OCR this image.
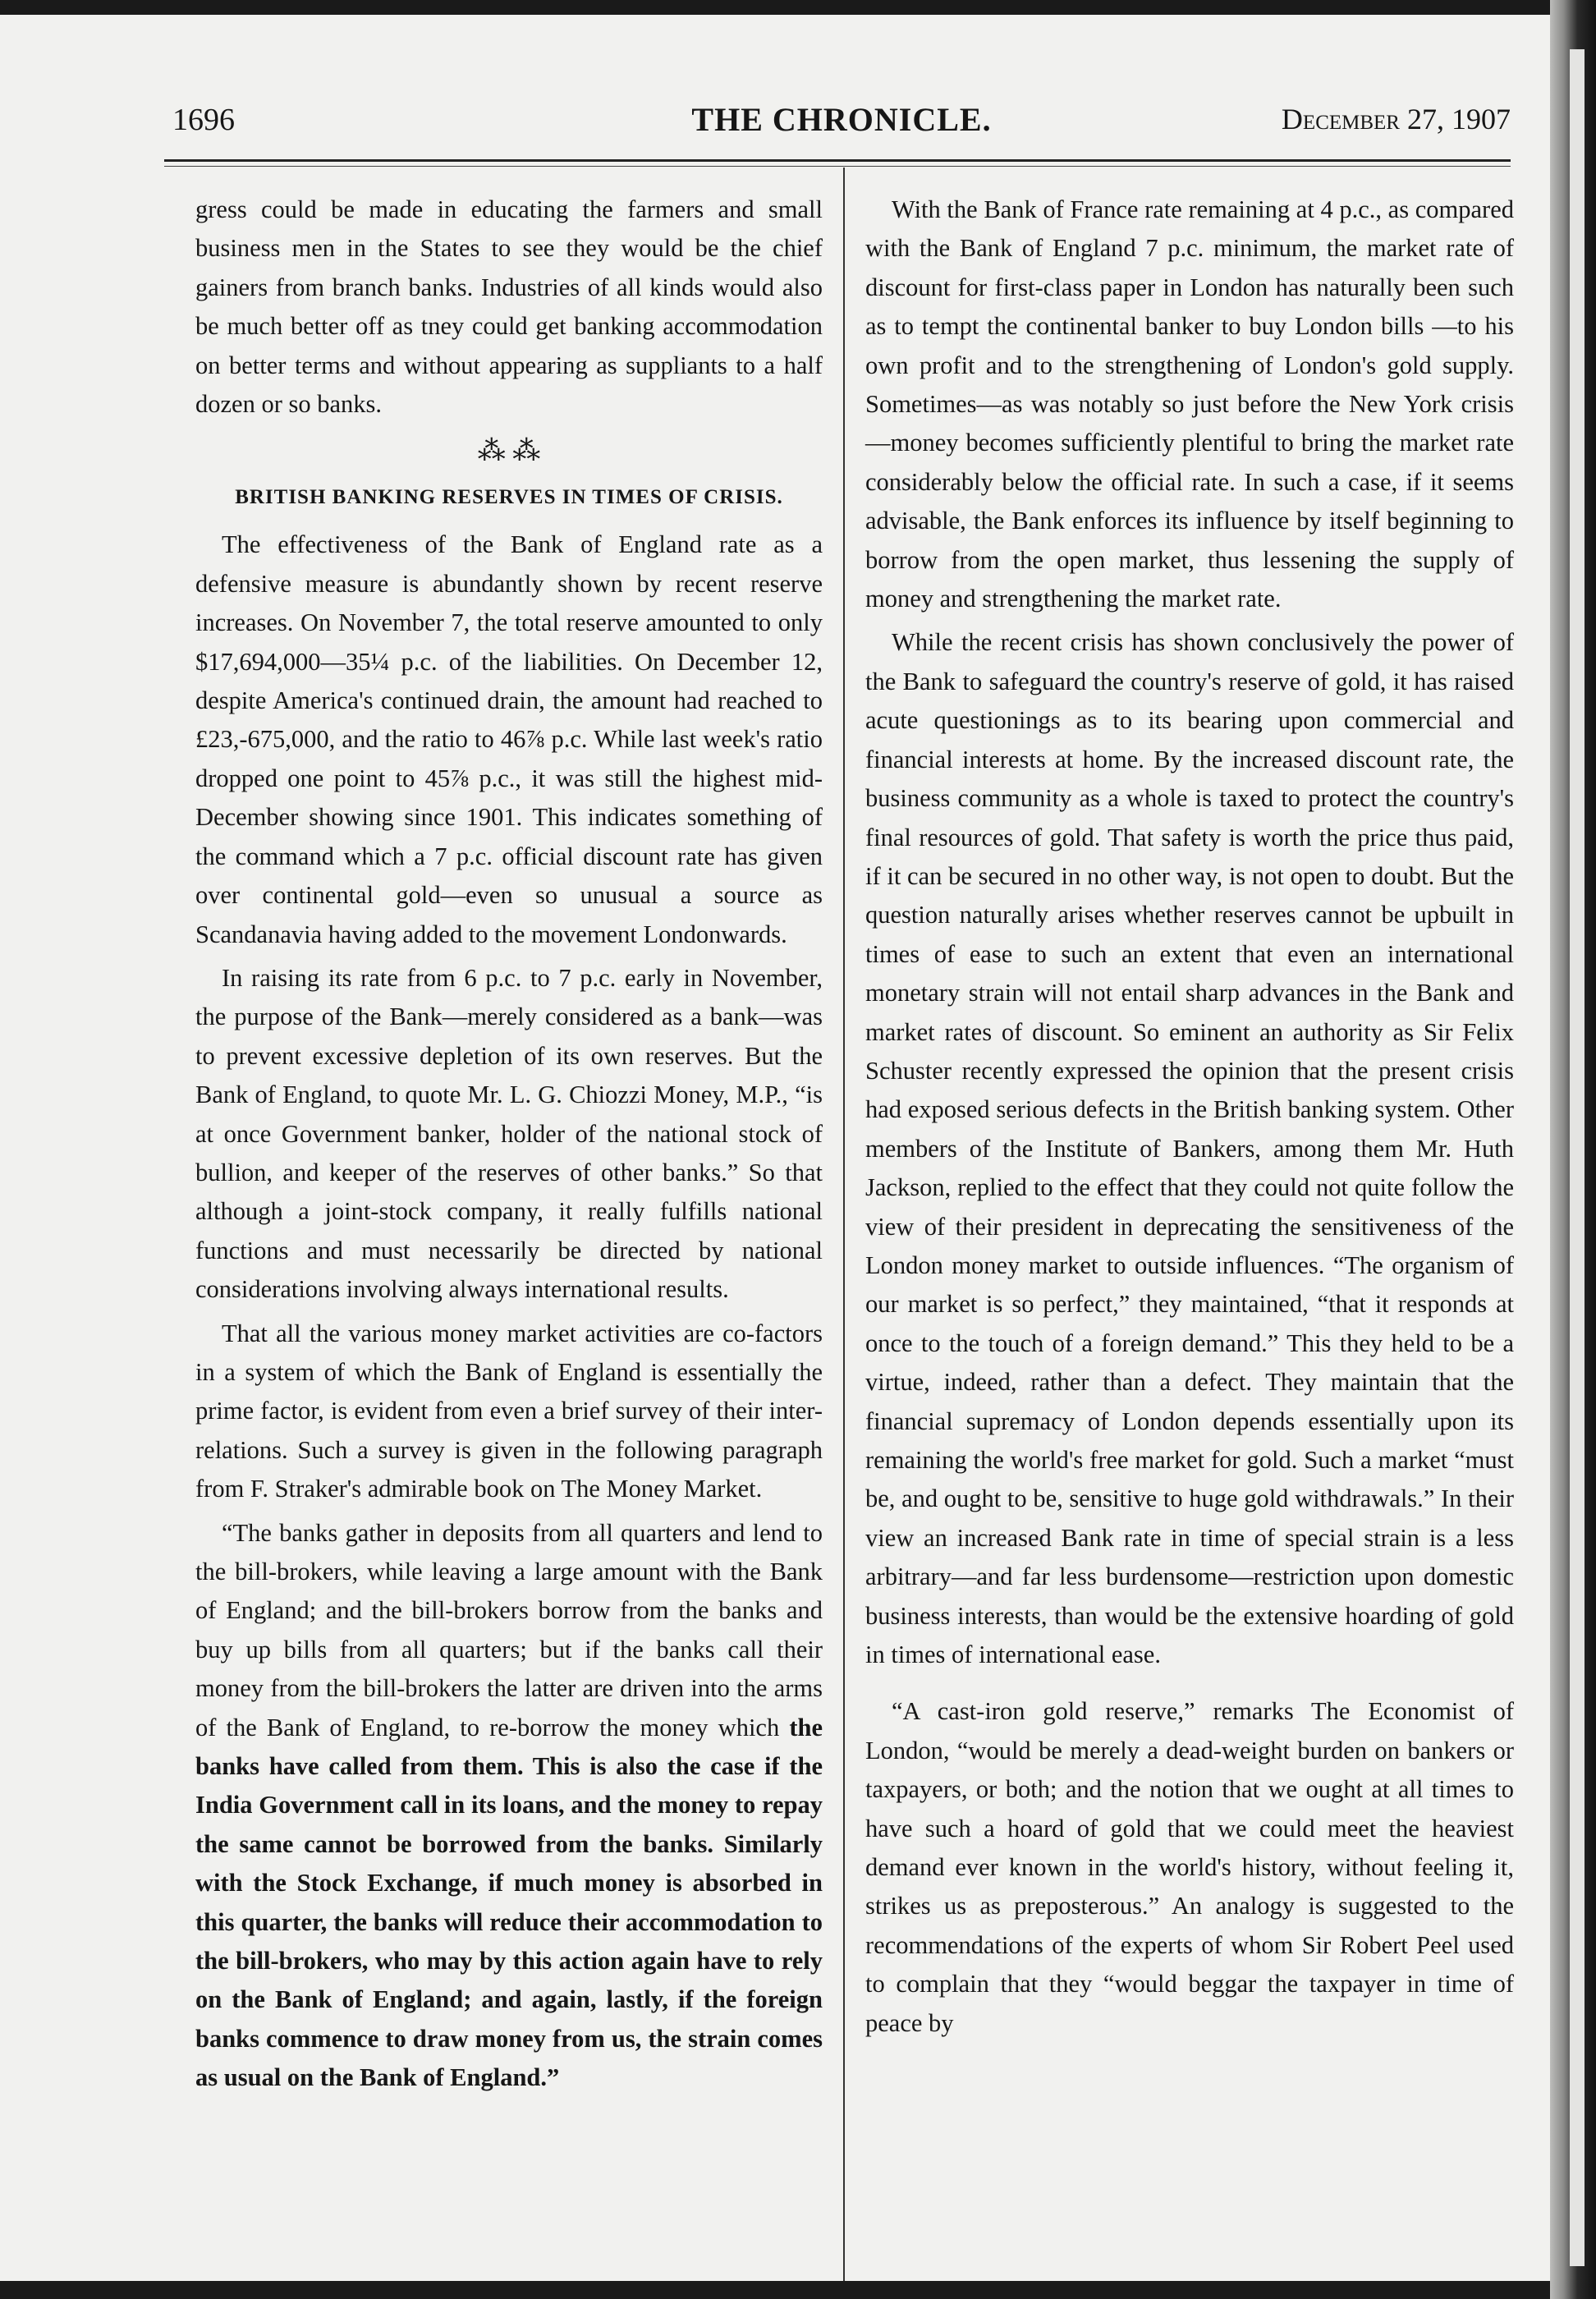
1696	THE CHRONICLE.	December 27, 1907

gress could be made in educating the farmers and small business men in the States to see they would be the chief gainers from branch banks. Industries of all kinds would also be much better off as tney could get banking accommodation on better terms and without appearing as suppliants to a half dozen or so banks.

⁂ ⁂
BRITISH BANKING RESERVES IN TIMES OF CRISIS.

The effectiveness of the Bank of England rate as a defensive measure is abundantly shown by recent reserve increases. On November 7, the total reserve amounted to only $17,694,000—35¼ p.c. of the liabilities. On December 12, despite America's continued drain, the amount had reached to £23,-675,000, and the ratio to 46⅞ p.c. While last week's ratio dropped one point to 45⅞ p.c., it was still the highest mid-December showing since 1901. This indicates something of the command which a 7 p.c. official discount rate has given over continental gold—even so unusual a source as Scandanavia having added to the movement Londonwards.

In raising its rate from 6 p.c. to 7 p.c. early in November, the purpose of the Bank—merely considered as a bank—was to prevent excessive depletion of its own reserves. But the Bank of England, to quote Mr. L. G. Chiozzi Money, M.P., “is at once Government banker, holder of the national stock of bullion, and keeper of the reserves of other banks.” So that although a joint-stock company, it really fulfills national functions and must necessarily be directed by national considerations involving always international results.

That all the various money market activities are co-factors in a system of which the Bank of England is essentially the prime factor, is evident from even a brief survey of their inter-relations. Such a survey is given in the following paragraph from F. Straker's admirable book on The Money Market.

“The banks gather in deposits from all quarters and lend to the bill-brokers, while leaving a large amount with the Bank of England; and the bill-brokers borrow from the banks and buy up bills from all quarters; but if the banks call their money from the bill-brokers the latter are driven into the arms of the Bank of England, to re-borrow the money which the banks have called from them. This is also the case if the India Government call in its loans, and the money to repay the same cannot be borrowed from the banks. Similarly with the Stock Exchange, if much money is absorbed in this quarter, the banks will reduce their accommodation to the bill-brokers, who may by this action again have to rely on the Bank of England; and again, lastly, if the foreign banks commence to draw money from us, the strain comes as usual on the Bank of England.”

With the Bank of France rate remaining at 4 p.c., as compared with the Bank of England 7 p.c. minimum, the market rate of discount for first-class paper in London has naturally been such as to tempt the continental banker to buy London bills —to his own profit and to the strengthening of London's gold supply. Sometimes—as was notably so just before the New York crisis—money becomes sufficiently plentiful to bring the market rate considerably below the official rate. In such a case, if it seems advisable, the Bank enforces its influence by itself beginning to borrow from the open market, thus lessening the supply of money and strengthening the market rate.

While the recent crisis has shown conclusively the power of the Bank to safeguard the country's reserve of gold, it has raised acute questionings as to its bearing upon commercial and financial interests at home. By the increased discount rate, the business community as a whole is taxed to protect the country's final resources of gold. That safety is worth the price thus paid, if it can be secured in no other way, is not open to doubt. But the question naturally arises whether reserves cannot be upbuilt in times of ease to such an extent that even an international monetary strain will not entail sharp advances in the Bank and market rates of discount. So eminent an authority as Sir Felix Schuster recently expressed the opinion that the present crisis had exposed serious defects in the British banking system. Other members of the Institute of Bankers, among them Mr. Huth Jackson, replied to the effect that they could not quite follow the view of their president in deprecating the sensitiveness of the London money market to outside influences. “The organism of our market is so perfect,” they maintained, “that it responds at once to the touch of a foreign demand.” This they held to be a virtue, indeed, rather than a defect. They maintain that the financial supremacy of London depends essentially upon its remaining the world's free market for gold. Such a market “must be, and ought to be, sensitive to huge gold withdrawals.” In their view an increased Bank rate in time of special strain is a less arbitrary—and far less burdensome—restriction upon domestic business interests, than would be the extensive hoarding of gold in times of international ease.

“A cast-iron gold reserve,” remarks The Economist of London, “would be merely a dead-weight burden on bankers or taxpayers, or both; and the notion that we ought at all times to have such a hoard of gold that we could meet the heaviest demand ever known in the world's history, without feeling it, strikes us as preposterous.” An analogy is suggested to the recommendations of the experts of whom Sir Robert Peel used to complain that they “would beggar the taxpayer in time of peace by
